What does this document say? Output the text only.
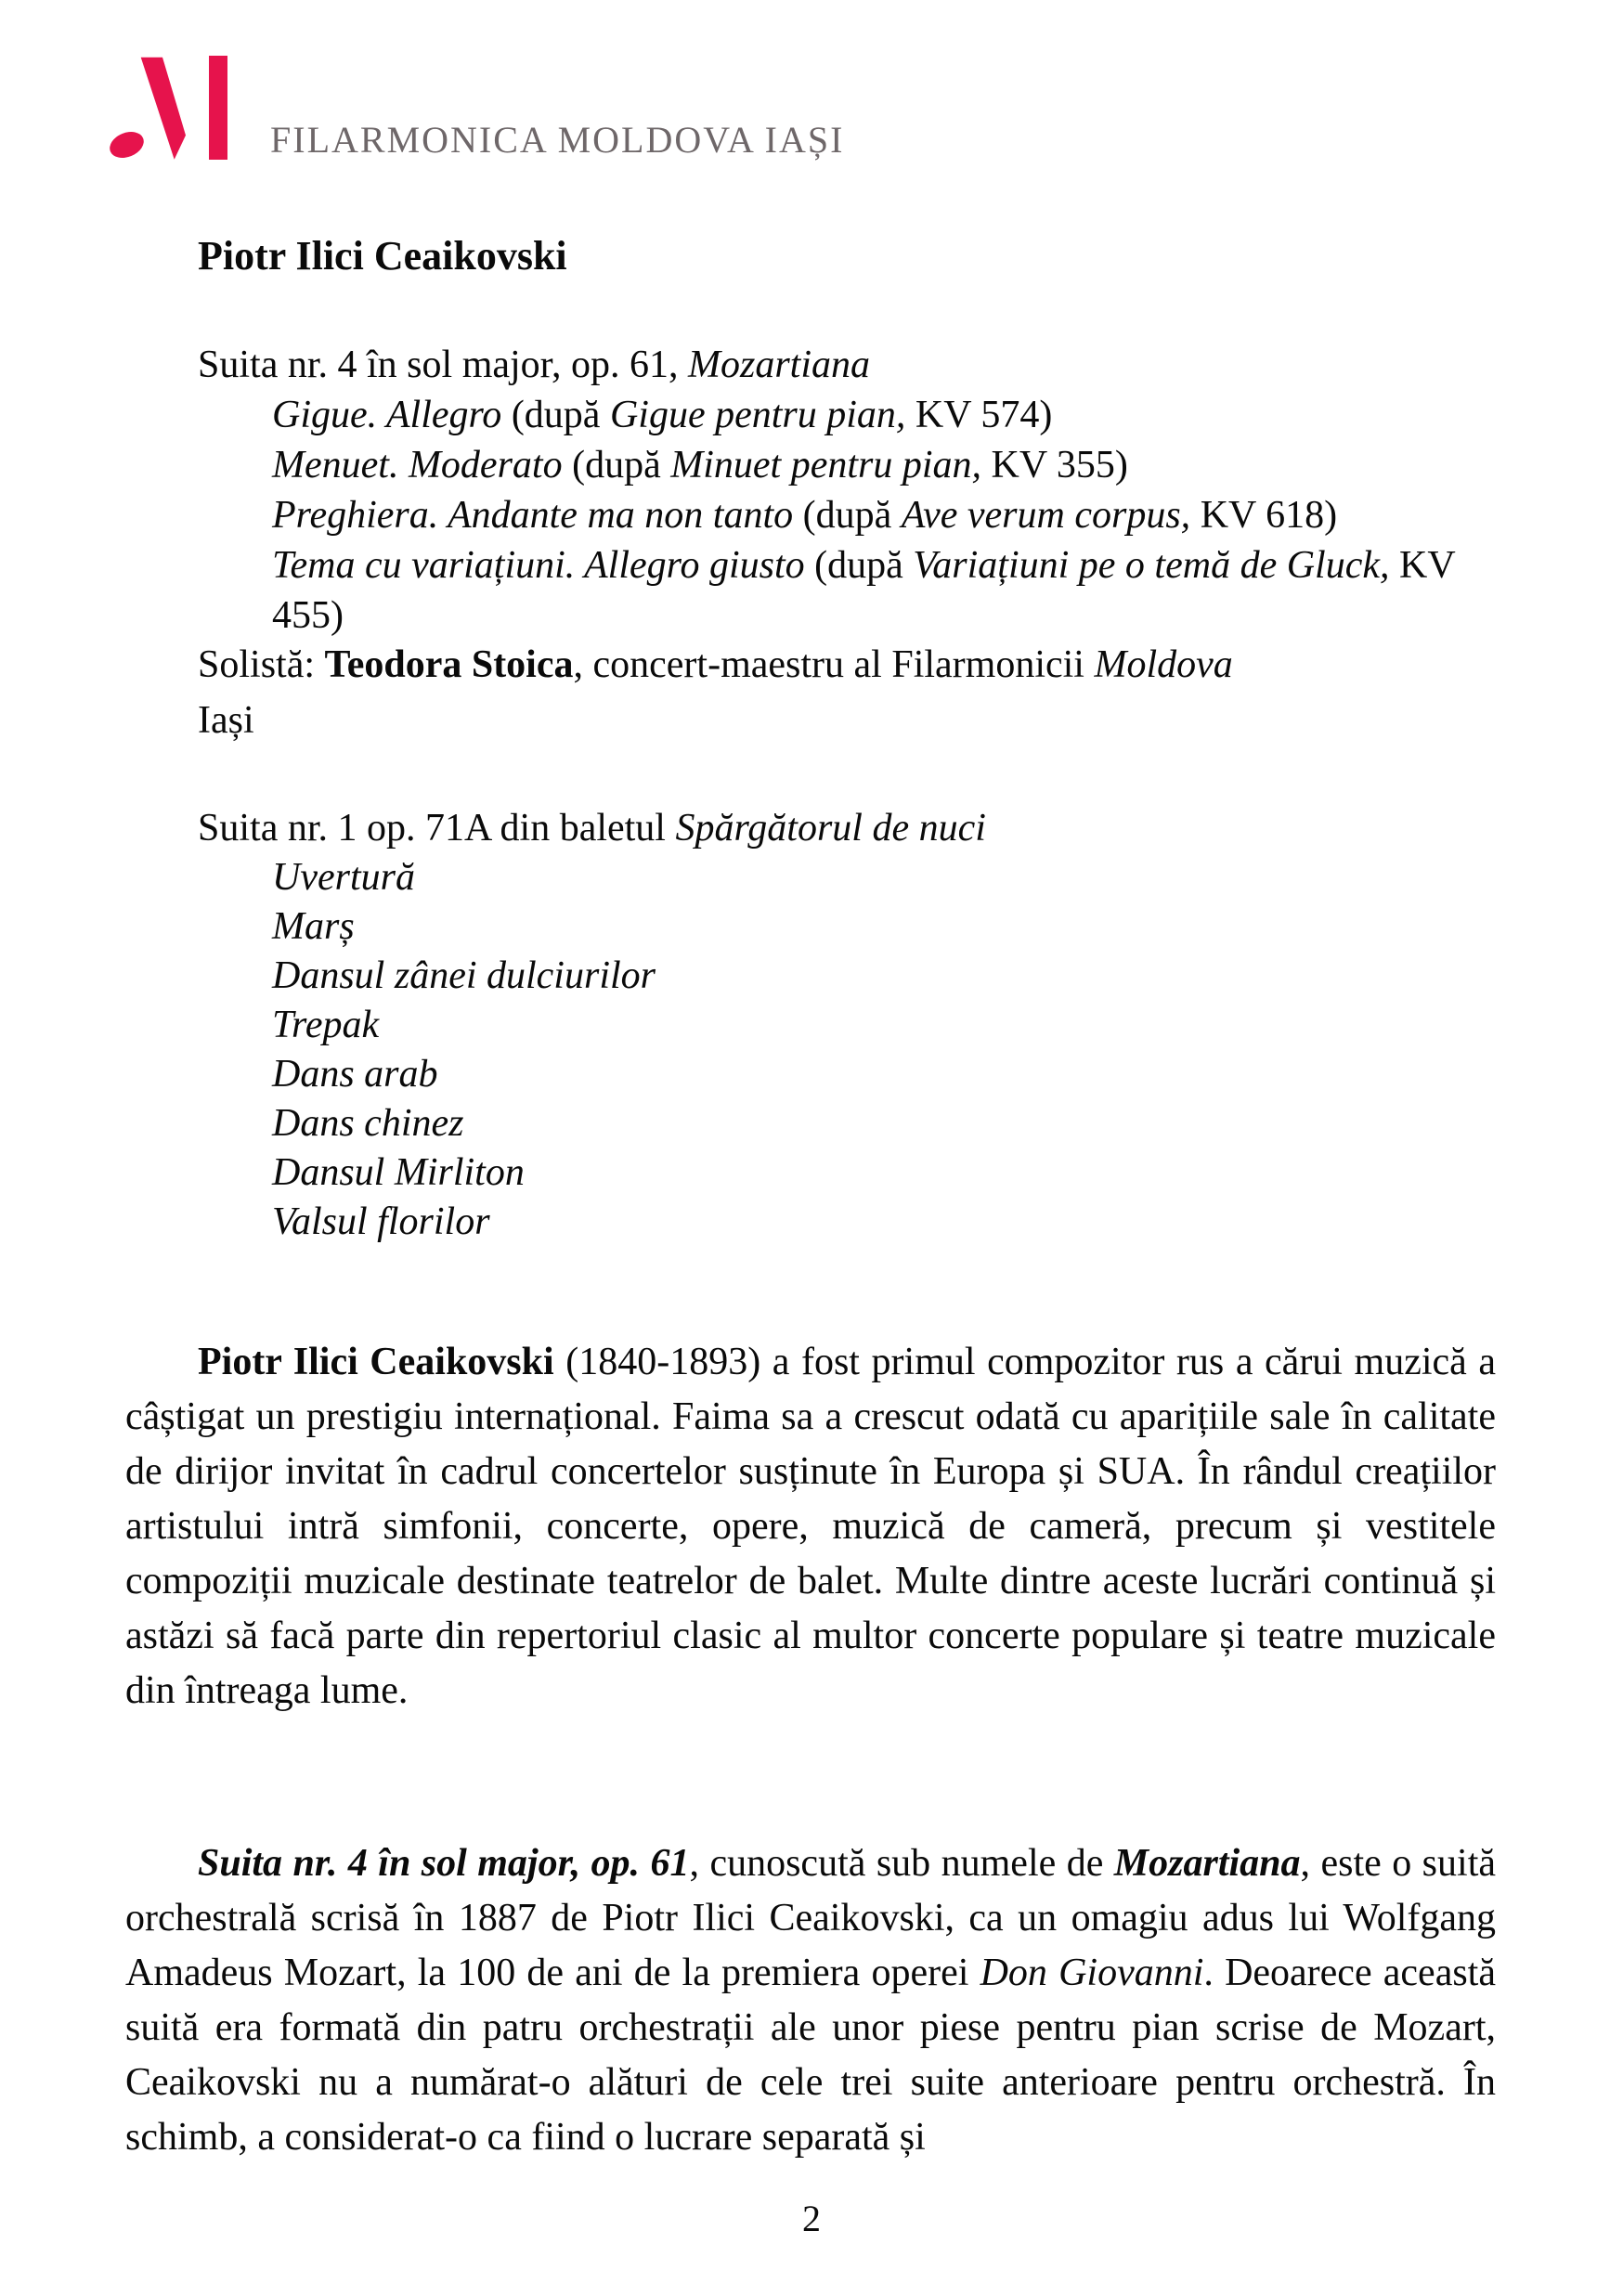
FILARMONICA MOLDOVA IAȘI
Piotr Ilici Ceaikovski
Suita nr. 4 în sol major, op. 61, Mozartiana
Gigue. Allegro (după Gigue pentru pian, KV 574)
Menuet. Moderato (după Minuet pentru pian, KV 355)
Preghiera. Andante ma non tanto (după Ave verum corpus, KV 618)
Tema cu variațiuni. Allegro giusto (după Variațiuni pe o temă de Gluck, KV
455)
Solistă: Teodora Stoica, concert-maestru al Filarmonicii Moldova
Iași
Suita nr. 1 op. 71A din baletul Spărgătorul de nuci
Uvertură
Marș
Dansul zânei dulciurilor
Trepak
Dans arab
Dans chinez
Dansul Mirliton
Valsul florilor

Piotr Ilici Ceaikovski (1840-1893) a fost primul compozitor rus a cărui muzică a câștigat un prestigiu internațional. Faima sa a crescut odată cu aparițiile sale în calitate de dirijor invitat în cadrul concertelor susținute în Europa și SUA. În rândul creațiilor artistului intră simfonii, concerte, opere, muzică de cameră, precum și vestitele compoziții muzicale destinate teatrelor de balet. Multe dintre aceste lucrări continuă și astăzi să facă parte din repertoriul clasic al multor concerte populare și teatre muzicale din întreaga lume.

Suita nr. 4 în sol major, op. 61, cunoscută sub numele de Mozartiana, este o suită orchestrală scrisă în 1887 de Piotr Ilici Ceaikovski, ca un omagiu adus lui Wolfgang Amadeus Mozart, la 100 de ani de la premiera operei Don Giovanni. Deoarece această suită era formată din patru orchestrații ale unor piese pentru pian scrise de Mozart, Ceaikovski nu a numărat-o alături de cele trei suite anterioare pentru orchestră. În schimb, a considerat-o ca fiind o lucrare separată și

2
